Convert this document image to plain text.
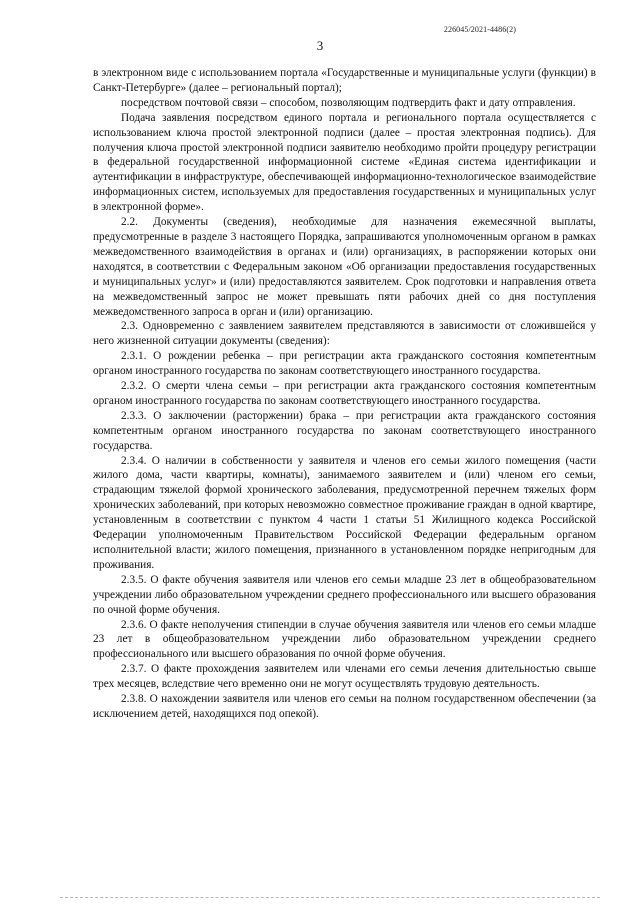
226045/2021-4486(2)
3

в электронном виде с использованием портала «Государственные и муниципальные услуги (функции) в Санкт-Петербурге» (далее – региональный портал);

посредством почтовой связи – способом, позволяющим подтвердить факт и дату отправления.

Подача заявления посредством единого портала и регионального портала осуществляется с использованием ключа простой электронной подписи (далее – простая электронная подпись). Для получения ключа простой электронной подписи заявителю необходимо пройти процедуру регистрации в федеральной государственной информационной системе «Единая система идентификации и аутентификации в инфраструктуре, обеспечивающей информационно-технологическое взаимодействие информационных систем, используемых для предоставления государственных и муниципальных услуг в электронной форме».

2.2. Документы (сведения), необходимые для назначения ежемесячной выплаты, предусмотренные в разделе 3 настоящего Порядка, запрашиваются уполномоченным органом в рамках межведомственного взаимодействия в органах и (или) организациях, в распоряжении которых они находятся, в соответствии с Федеральным законом «Об организации предоставления государственных и муниципальных услуг» и (или) предоставляются заявителем. Срок подготовки и направления ответа на межведомственный запрос не может превышать пяти рабочих дней со дня поступления межведомственного запроса в орган и (или) организацию.

2.3. Одновременно с заявлением заявителем представляются в зависимости от сложившейся у него жизненной ситуации документы (сведения):

2.3.1. О рождении ребенка – при регистрации акта гражданского состояния компетентным органом иностранного государства по законам соответствующего иностранного государства.

2.3.2. О смерти члена семьи – при регистрации акта гражданского состояния компетентным органом иностранного государства по законам соответствующего иностранного государства.

2.3.3. О заключении (расторжении) брака – при регистрации акта гражданского состояния компетентным органом иностранного государства по законам соответствующего иностранного государства.

2.3.4. О наличии в собственности у заявителя и членов его семьи жилого помещения (части жилого дома, части квартиры, комнаты), занимаемого заявителем и (или) членом его семьи, страдающим тяжелой формой хронического заболевания, предусмотренной перечнем тяжелых форм хронических заболеваний, при которых невозможно совместное проживание граждан в одной квартире, установленным в соответствии с пунктом 4 части 1 статьи 51 Жилищного кодекса Российской Федерации уполномоченным Правительством Российской Федерации федеральным органом исполнительной власти; жилого помещения, признанного в установленном порядке непригодным для проживания.

2.3.5. О факте обучения заявителя или членов его семьи младше 23 лет в общеобразовательном учреждении либо образовательном учреждении среднего профессионального или высшего образования по очной форме обучения.

2.3.6. О факте неполучения стипендии в случае обучения заявителя или членов его семьи младше 23 лет в общеобразовательном учреждении либо образовательном учреждении среднего профессионального или высшего образования по очной форме обучения.

2.3.7. О факте прохождения заявителем или членами его семьи лечения длительностью свыше трех месяцев, вследствие чего временно они не могут осуществлять трудовую деятельность.

2.3.8. О нахождении заявителя или членов его семьи на полном государственном обеспечении (за исключением детей, находящихся под опекой).
